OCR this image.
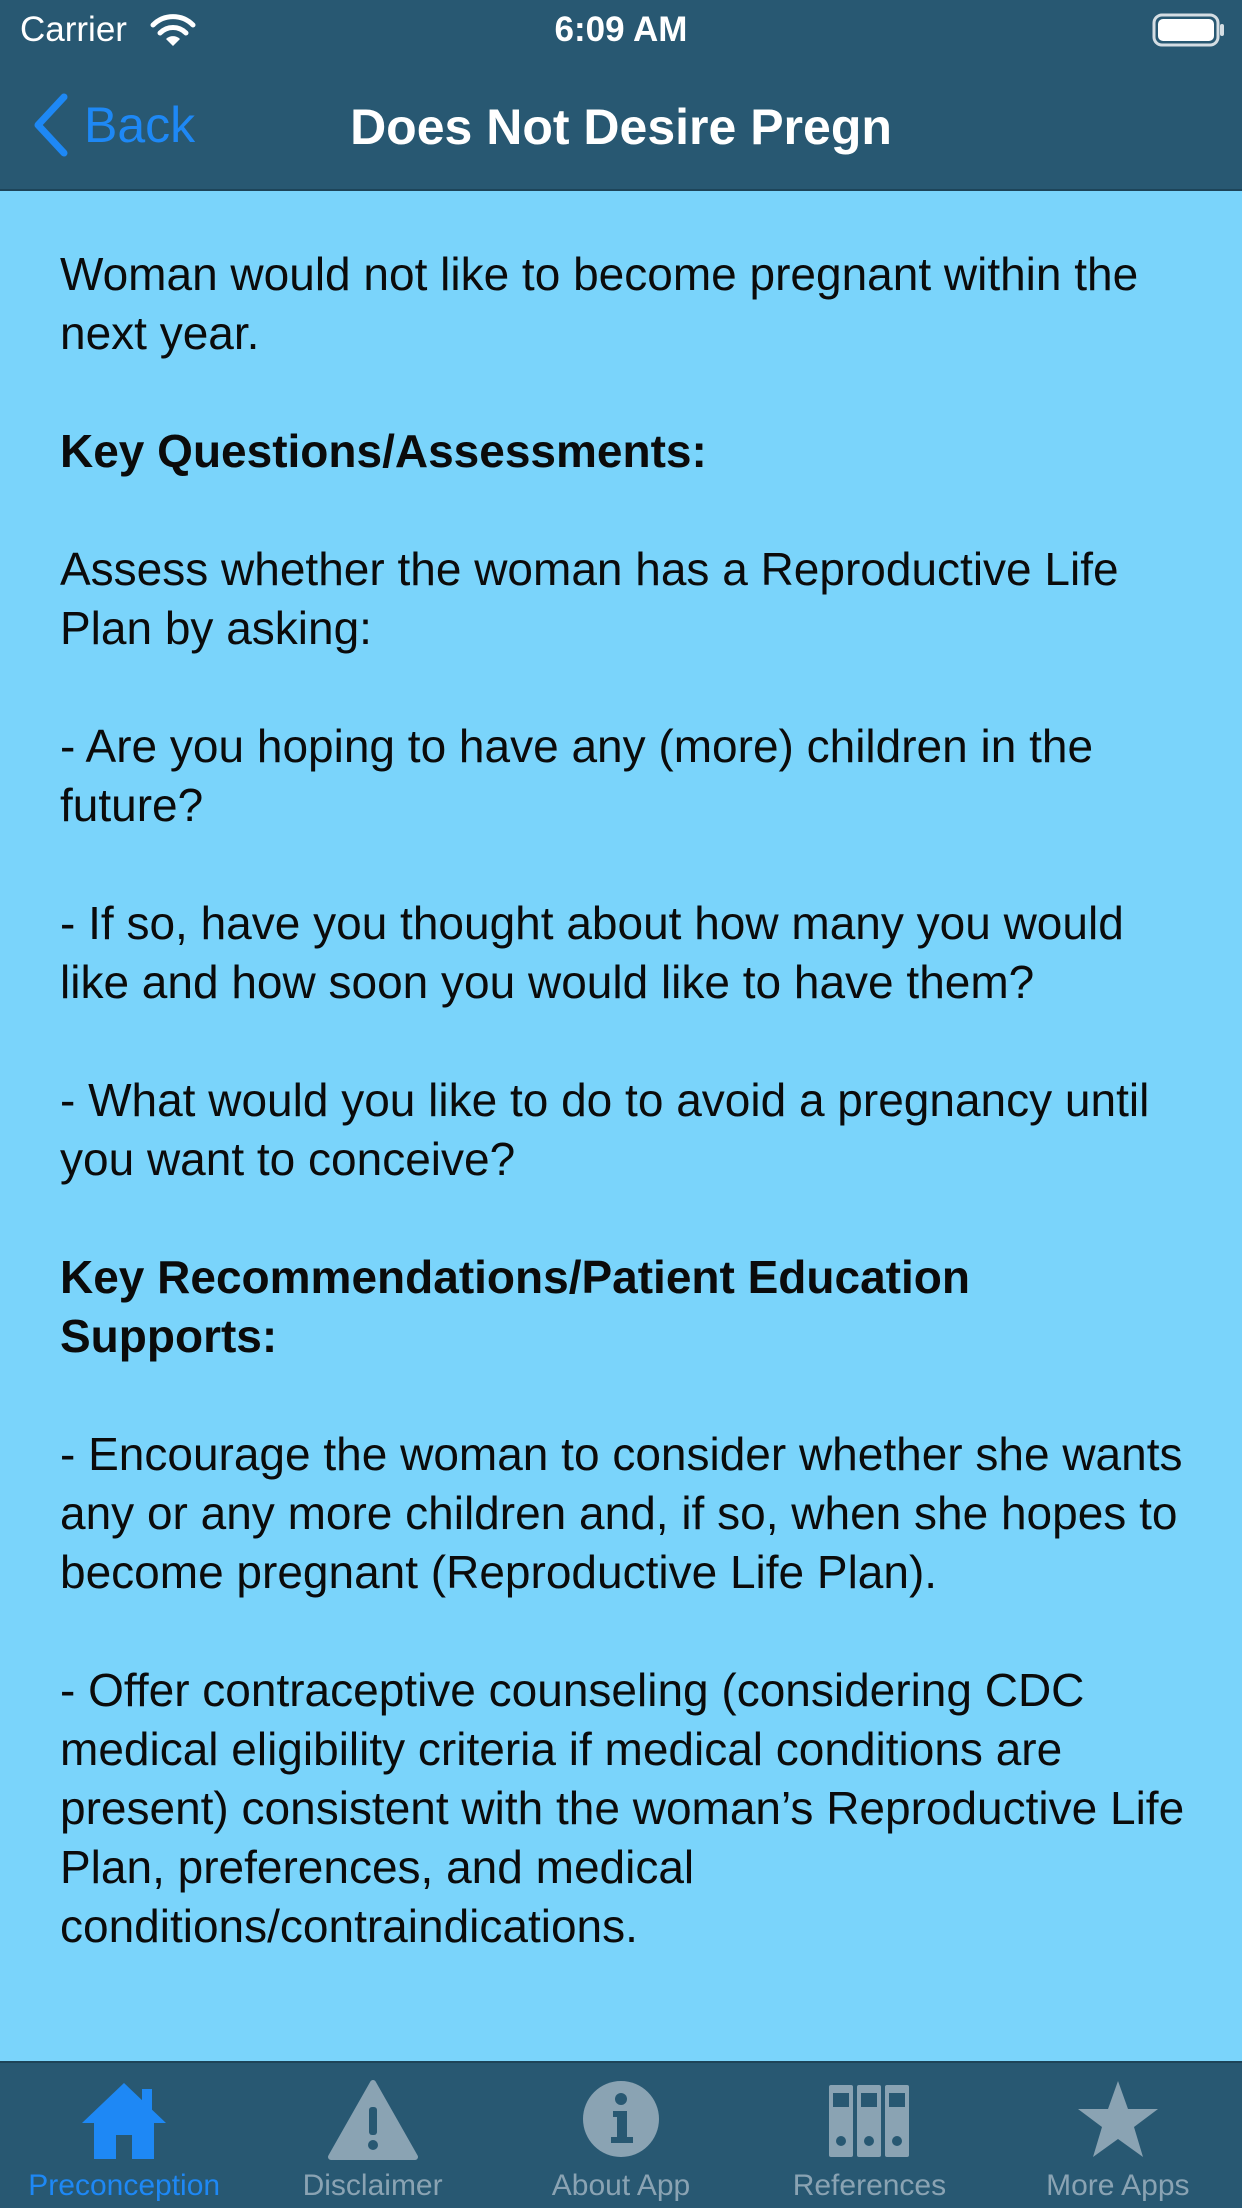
Carrier	6:09 AM
Back	Does Not Desire Pregn

Woman would not like to become pregnant within the next year.

Key Questions/Assessments:

Assess whether the woman has a Reproductive Life Plan by asking:

- Are you hoping to have any (more) children in the future?

- If so, have you thought about how many you would like and how soon you would like to have them?

- What would you like to do to avoid a pregnancy until you want to conceive?

Key Recommendations/Patient Education Supports:

- Encourage the woman to consider whether she wants any or any more children and, if so, when she hopes to become pregnant (Reproductive Life Plan).

- Offer contraceptive counseling (considering CDC medical eligibility criteria if medical conditions are present) consistent with the woman’s Reproductive Life Plan, preferences, and medical conditions/contraindications.

Preconception	Disclaimer	About App	References	More Apps
